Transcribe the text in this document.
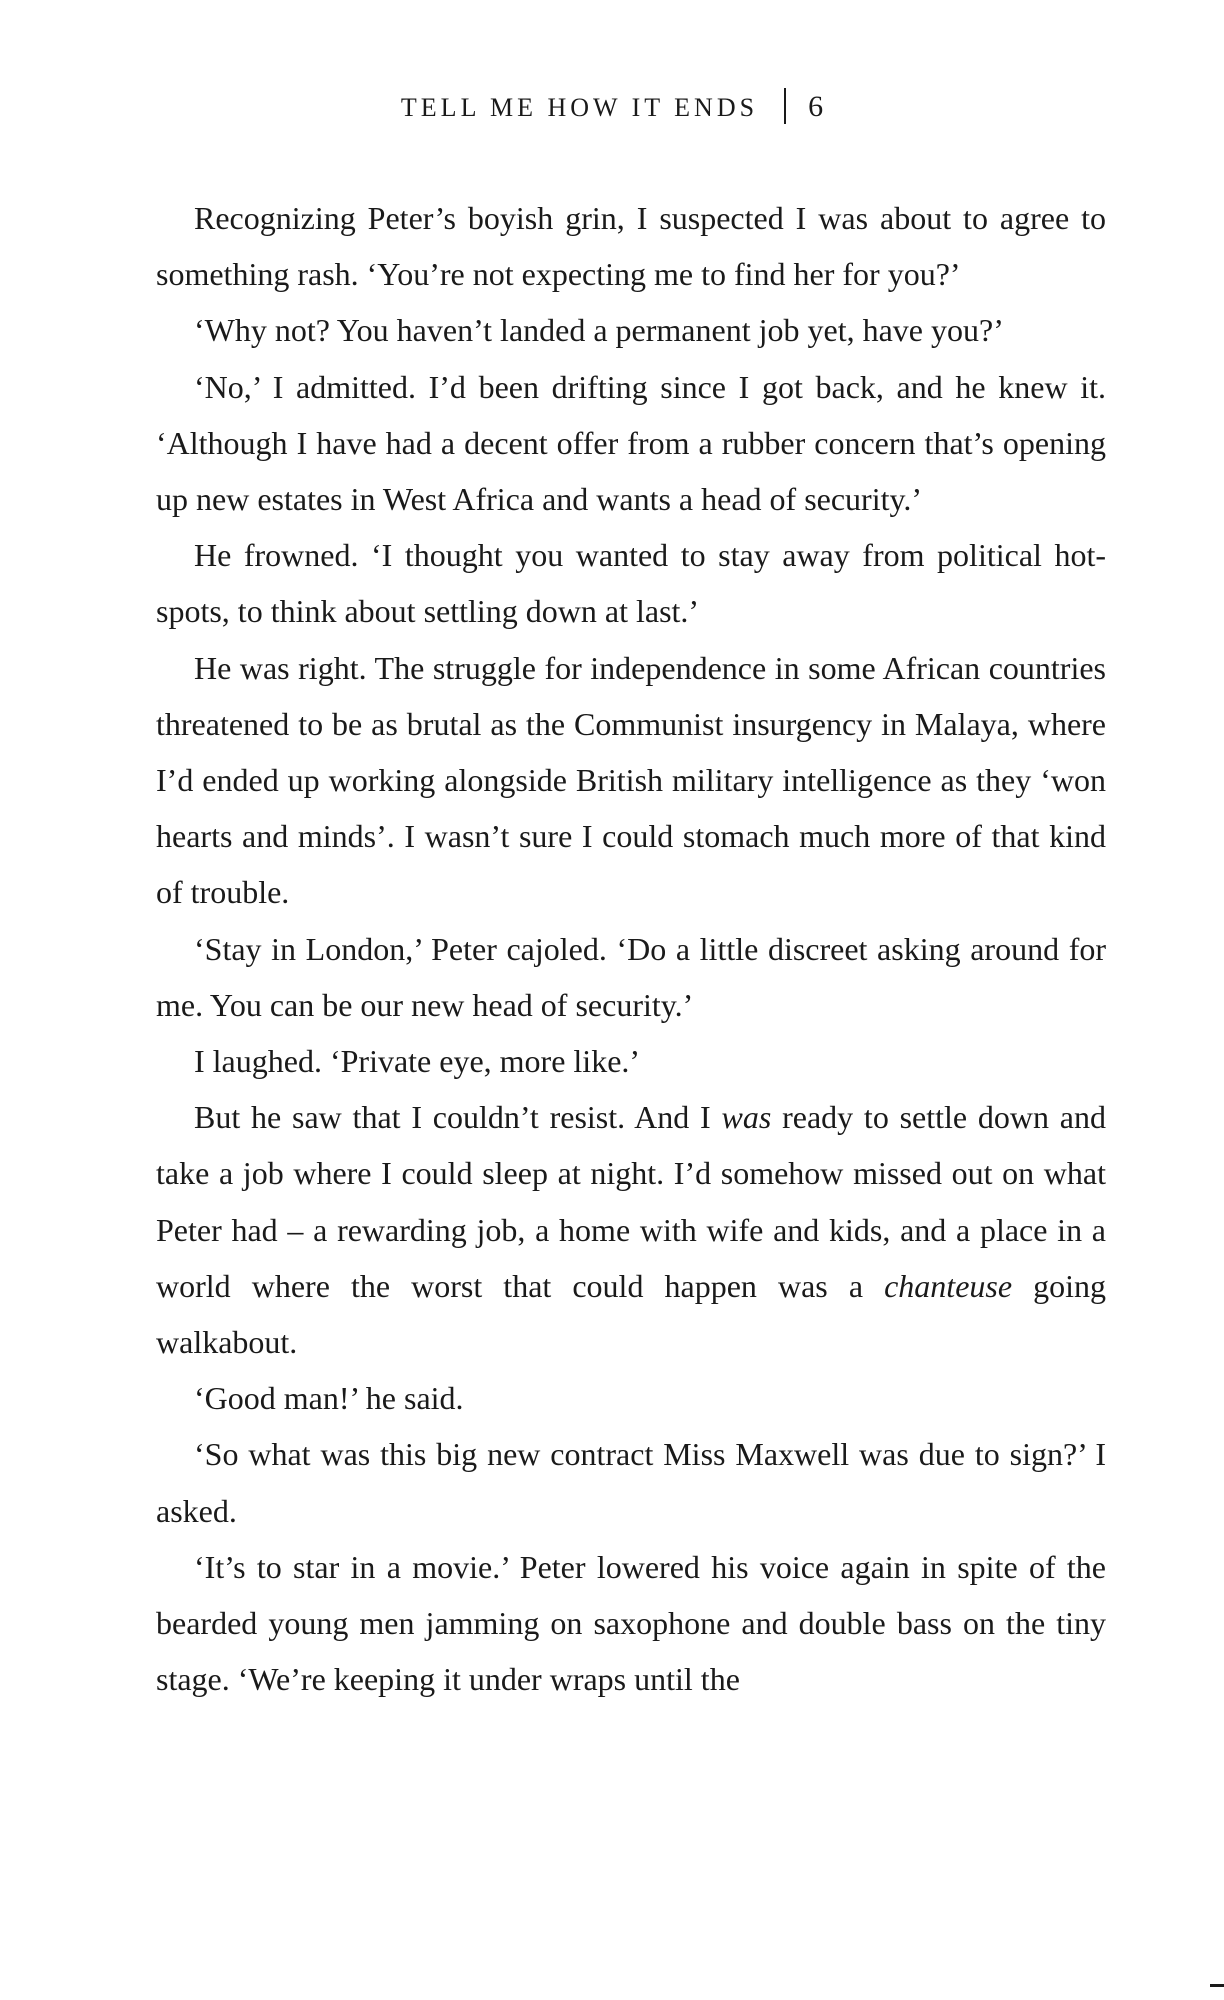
TELL ME HOW IT ENDS 6

Recognizing Peter’s boyish grin, I suspected I was about to agree to something rash. ‘You’re not expecting me to find her for you?’

‘Why not? You haven’t landed a permanent job yet, have you?’

‘No,’ I admitted. I’d been drifting since I got back, and he knew it. ‘Although I have had a decent offer from a rubber concern that’s opening up new estates in West Africa and wants a head of security.’

He frowned. ‘I thought you wanted to stay away from political hot-spots, to think about settling down at last.’

He was right. The struggle for independence in some African countries threatened to be as brutal as the Communist insurgency in Malaya, where I’d ended up working alongside British military intelligence as they ‘won hearts and minds’. I wasn’t sure I could stomach much more of that kind of trouble.

‘Stay in London,’ Peter cajoled. ‘Do a little discreet asking around for me. You can be our new head of security.’

I laughed. ‘Private eye, more like.’

But he saw that I couldn’t resist. And I was ready to settle down and take a job where I could sleep at night. I’d somehow missed out on what Peter had – a rewarding job, a home with wife and kids, and a place in a world where the worst that could happen was a chanteuse going walkabout.

‘Good man!’ he said.

‘So what was this big new contract Miss Maxwell was due to sign?’ I asked.

‘It’s to star in a movie.’ Peter lowered his voice again in spite of the bearded young men jamming on saxophone and double bass on the tiny stage. ‘We’re keeping it under wraps until the
